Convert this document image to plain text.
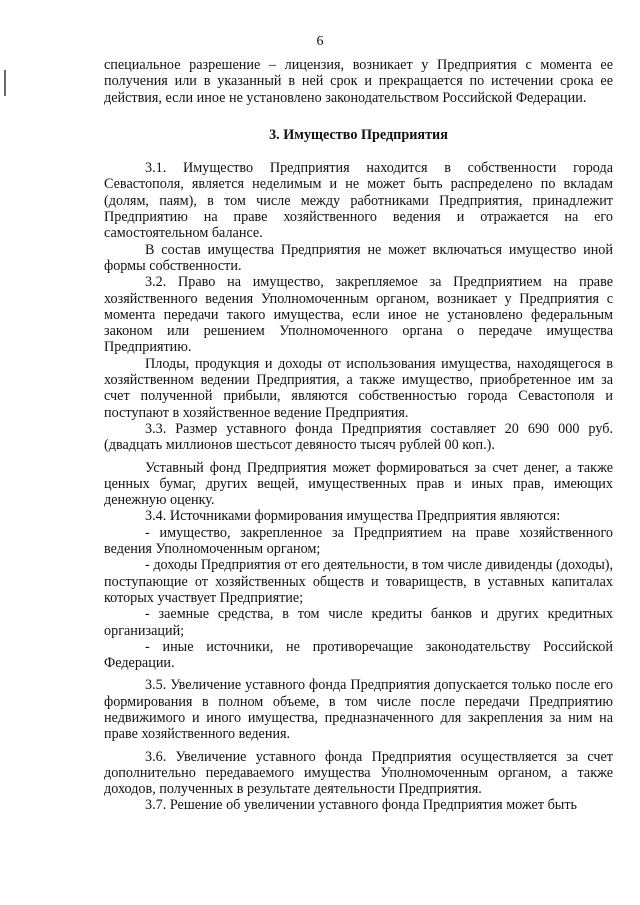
6

специальное разрешение – лицензия, возникает у Предприятия с момента ее получения или в указанный в ней срок и прекращается по истечении срока ее действия, если иное не установлено законодательством Российской Федерации.

3. Имущество Предприятия

3.1. Имущество Предприятия находится в собственности города Севастополя, является неделимым и не может быть распределено по вкладам (долям, паям), в том числе между работниками Предприятия, принадлежит Предприятию на праве хозяйственного ведения и отражается на его самостоятельном балансе.

В состав имущества Предприятия не может включаться имущество иной формы собственности.

3.2. Право на имущество, закрепляемое за Предприятием на праве хозяйственного ведения Уполномоченным органом, возникает у Предприятия с момента передачи такого имущества, если иное не установлено федеральным законом или решением Уполномоченного органа о передаче имущества Предприятию.

Плоды, продукция и доходы от использования имущества, находящегося в хозяйственном ведении Предприятия, а также имущество, приобретенное им за счет полученной прибыли, являются собственностью города Севастополя и поступают в хозяйственное ведение Предприятия.

3.3. Размер уставного фонда Предприятия составляет 20 690 000 руб. (двадцать миллионов шестьсот девяносто тысяч рублей 00 коп.).

Уставный фонд Предприятия может формироваться за счет денег, а также ценных бумаг, других вещей, имущественных прав и иных прав, имеющих денежную оценку.

3.4. Источниками формирования имущества Предприятия являются:

- имущество, закрепленное за Предприятием на праве хозяйственного ведения Уполномоченным органом;

- доходы Предприятия от его деятельности, в том числе дивиденды (доходы), поступающие от хозяйственных обществ и товариществ, в уставных капиталах которых участвует Предприятие;

- заемные средства, в том числе кредиты банков и других кредитных организаций;

- иные источники, не противоречащие законодательству Российской Федерации.

3.5. Увеличение уставного фонда Предприятия допускается только после его формирования в полном объеме, в том числе после передачи Предприятию недвижимого и иного имущества, предназначенного для закрепления за ним на праве хозяйственного ведения.

3.6. Увеличение уставного фонда Предприятия осуществляется за счет дополнительно передаваемого имущества Уполномоченным органом, а также доходов, полученных в результате деятельности Предприятия.

3.7. Решение об увеличении уставного фонда Предприятия может быть
